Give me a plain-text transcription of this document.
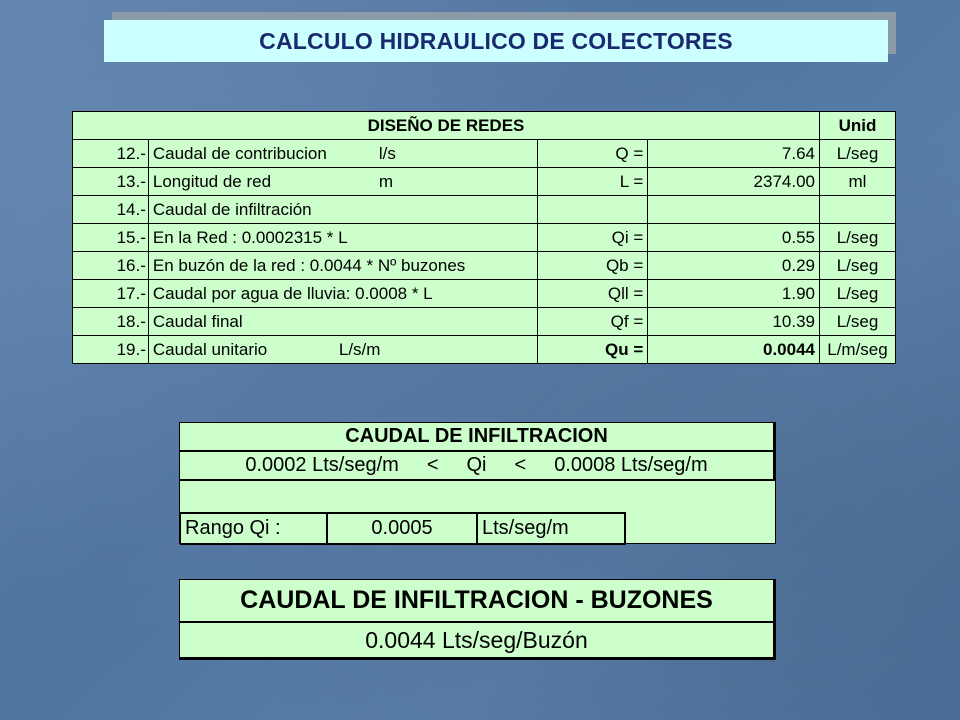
CALCULO HIDRAULICO DE COLECTORES
DISEÑO DE REDES				Unid
12.-	Caudal de contribucion l/s	Q =	7.64	L/seg
13.-	Longitud de red m	L =	2374.00	ml
14.-	Caudal de infiltración			
15.-	En la Red : 0.0002315 * L	Qi =	0.55	L/seg
16.-	En buzón de la red : 0.0044 * Nº buzones	Qb =	0.29	L/seg
17.-	Caudal por agua de lluvia: 0.0008 * L	Qll =	1.90	L/seg
18.-	Caudal final	Qf =	10.39	L/seg
19.-	Caudal unitario L/s/m	Qu =	0.0044	L/m/seg
CAUDAL DE INFILTRACION
0.0002 Lts/seg/m < Qi < 0.0008 Lts/seg/m
Rango Qi :	0.0005	Lts/seg/m
CAUDAL DE INFILTRACION - BUZONES
0.0044 Lts/seg/Buzón
